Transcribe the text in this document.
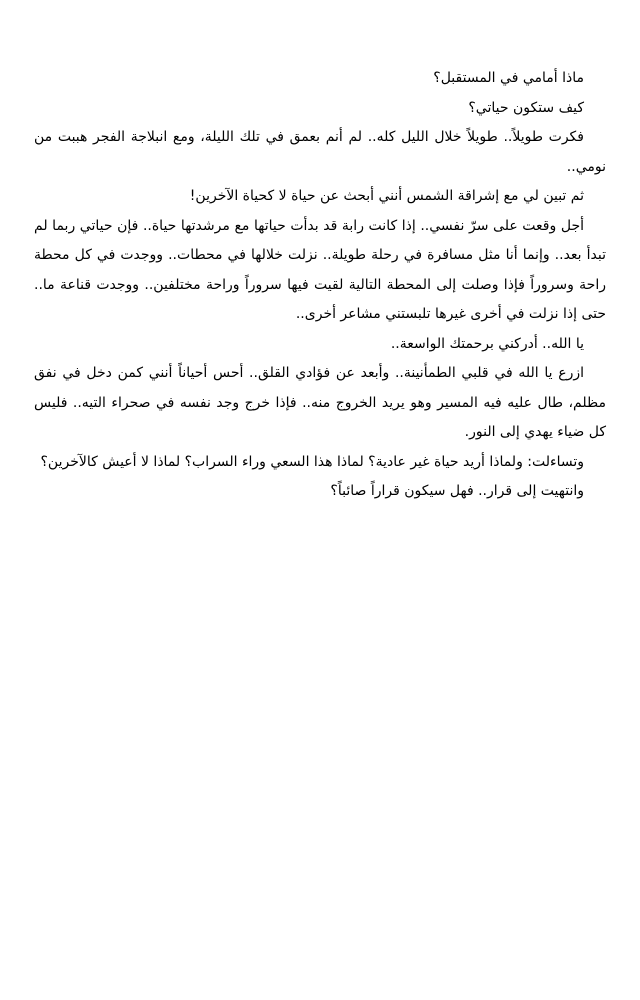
ماذا أمامي في المستقبل؟

كيف ستكون حياتي؟

فكرت طويلاً.. طويلاً خلال الليل كله.. لم أنم بعمق في تلك الليلة، ومع انبلاجة الفجر هببت من نومي..

ثم تبين لي مع إشراقة الشمس أنني أبحث عن حياة لا كحياة الآخرين!

أجل وقعت على سرّ نفسي.. إذا كانت رابة قد بدأت حياتها مع مرشدتها حياة.. فإن حياتي ربما لم تبدأ بعد.. وإنما أنا مثل مسافرة في رحلة طويلة.. نزلت خلالها في محطات.. ووجدت في كل محطة راحة وسروراً فإذا وصلت إلى المحطة التالية لقيت فيها سروراً وراحة مختلفين.. ووجدت قناعة ما.. حتى إذا نزلت في أخرى غيرها تلبستني مشاعر أخرى..

يا الله.. أدركني برحمتك الواسعة..

ازرع يا الله في قلبي الطمأنينة.. وأبعد عن فؤادي القلق.. أحس أحياناً أنني كمن دخل في نفق مظلم، طال عليه فيه المسير وهو يريد الخروج منه.. فإذا خرج وجد نفسه في صحراء التيه.. فليس كل ضياء يهدي إلى النور.

وتساءلت: ولماذا أريد حياة غير عادية؟ لماذا هذا السعي وراء السراب؟ لماذا لا أعيش كالآخرين؟

وانتهيت إلى قرار.. فهل سيكون قراراً صائباً؟
